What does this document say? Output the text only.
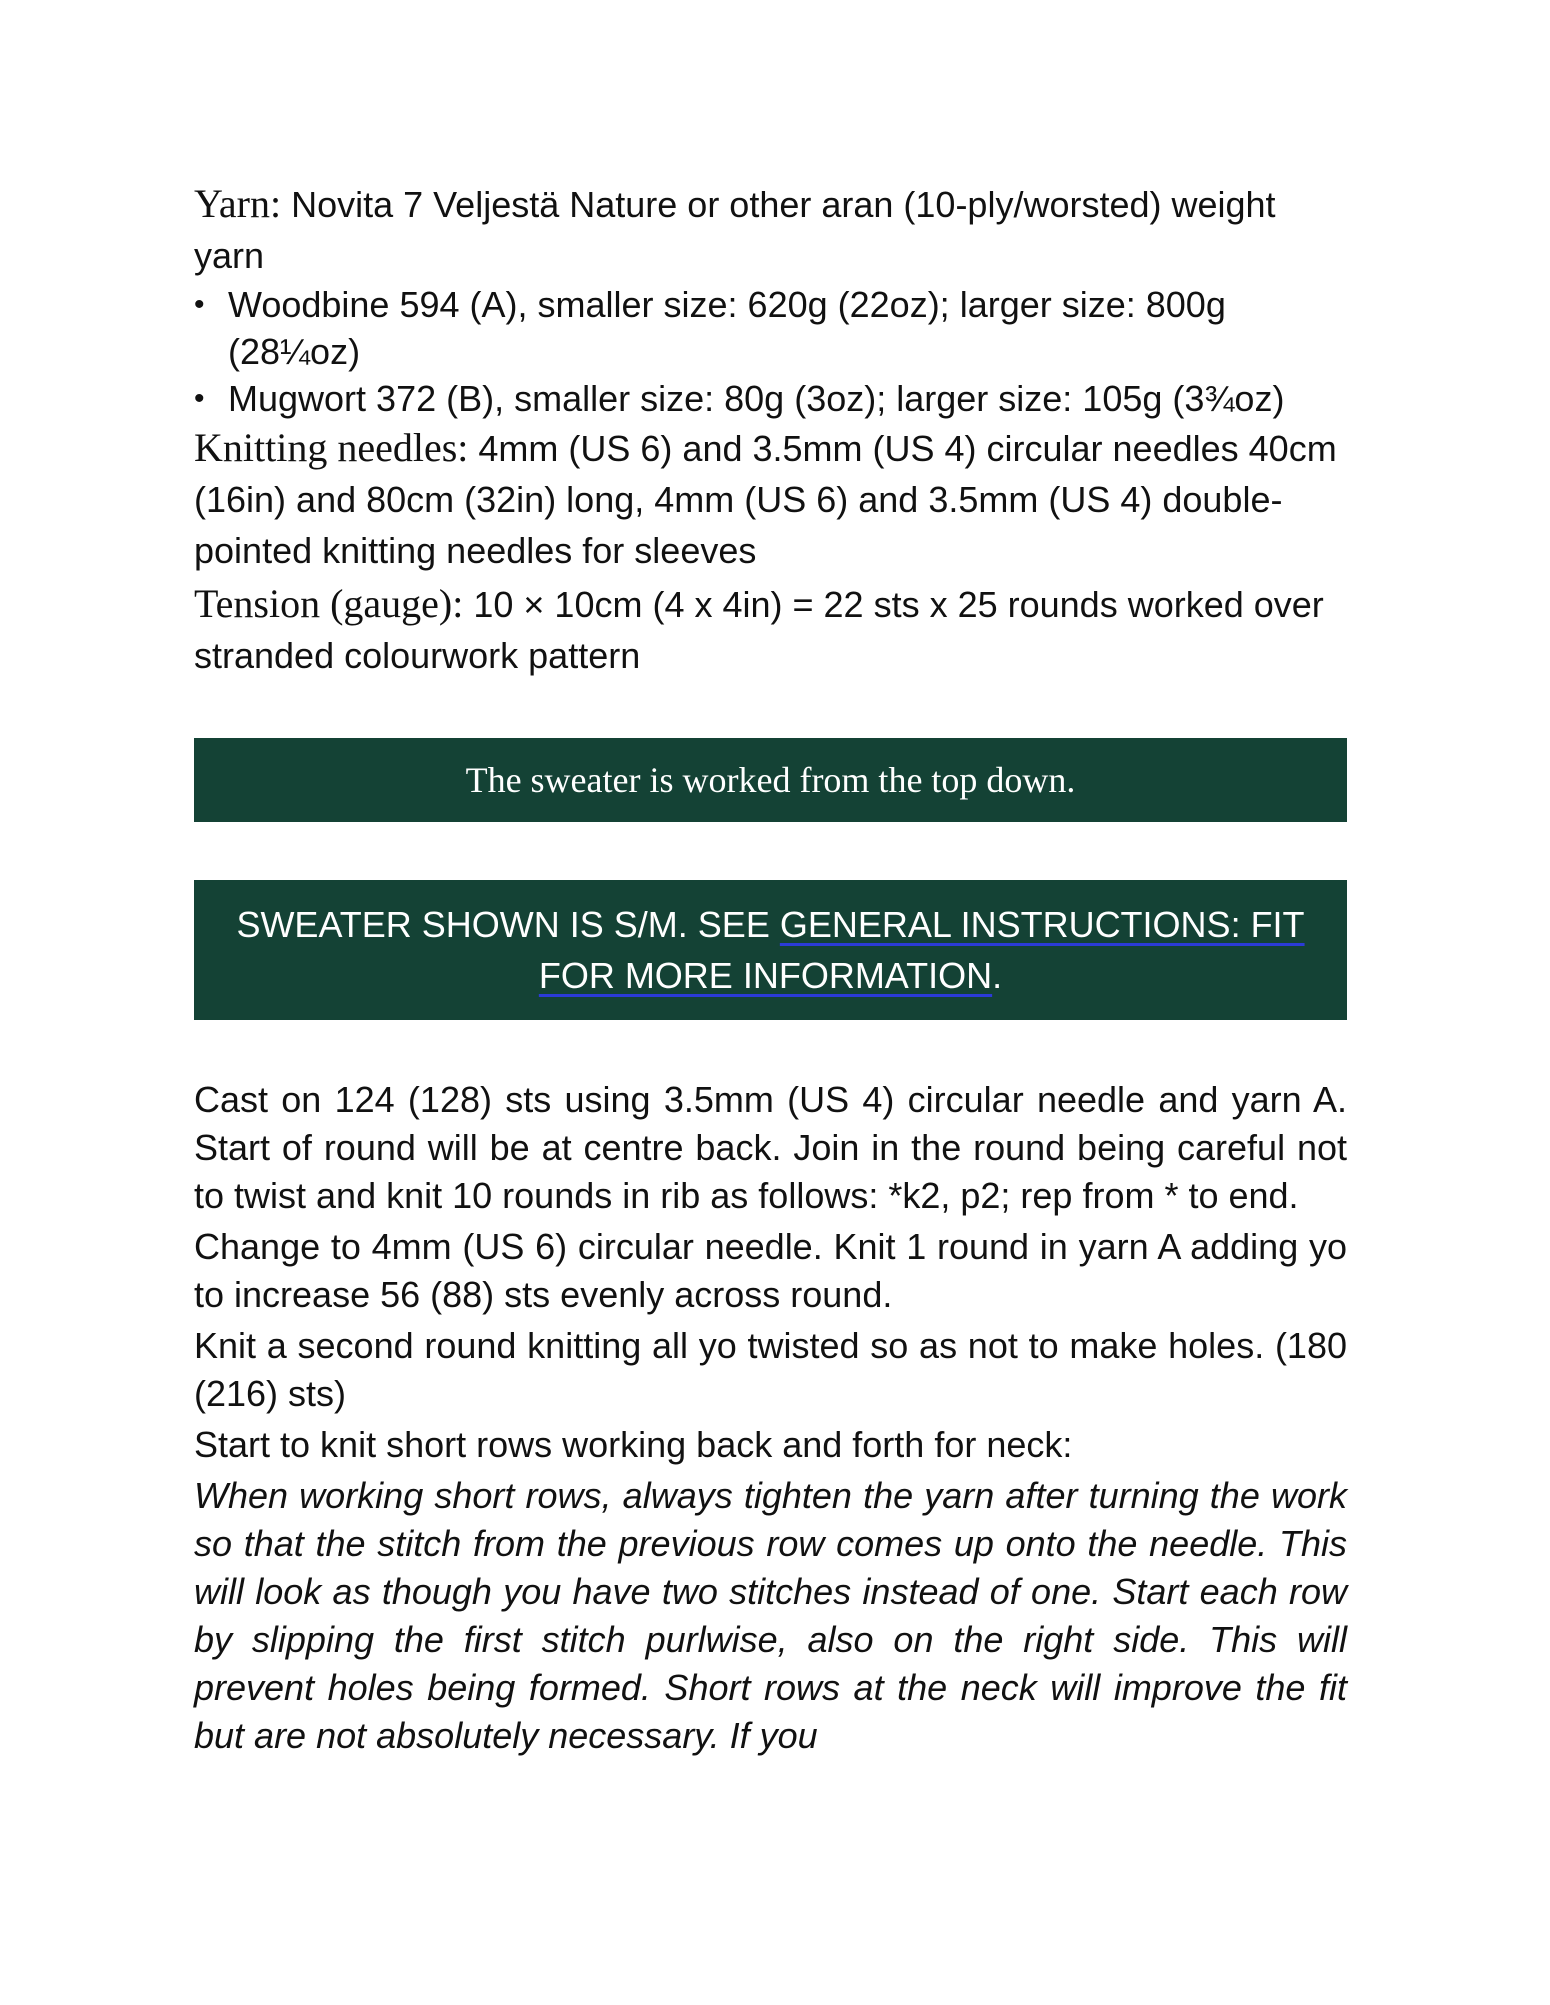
Yarn: Novita 7 Veljestä Nature or other aran (10-ply/worsted) weight yarn

• Woodbine 594 (A), smaller size: 620g (22oz); larger size: 800g (28¼oz)
• Mugwort 372 (B), smaller size: 80g (3oz); larger size: 105g (3¾oz)

Knitting needles: 4mm (US 6) and 3.5mm (US 4) circular needles 40cm (16in) and 80cm (32in) long, 4mm (US 6) and 3.5mm (US 4) double-pointed knitting needles for sleeves

Tension (gauge): 10 × 10cm (4 x 4in) = 22 sts x 25 rounds worked over stranded colourwork pattern

The sweater is worked from the top down.
SWEATER SHOWN IS S/M. SEE GENERAL INSTRUCTIONS: FIT FOR MORE INFORMATION.

Cast on 124 (128) sts using 3.5mm (US 4) circular needle and yarn A. Start of round will be at centre back. Join in the round being careful not to twist and knit 10 rounds in rib as follows: *k2, p2; rep from * to end.

Change to 4mm (US 6) circular needle. Knit 1 round in yarn A adding yo to increase 56 (88) sts evenly across round.

Knit a second round knitting all yo twisted so as not to make holes. (180 (216) sts)

Start to knit short rows working back and forth for neck:

When working short rows, always tighten the yarn after turning the work so that the stitch from the previous row comes up onto the needle. This will look as though you have two stitches instead of one. Start each row by slipping the first stitch purlwise, also on the right side. This will prevent holes being formed. Short rows at the neck will improve the fit but are not absolutely necessary. If you
